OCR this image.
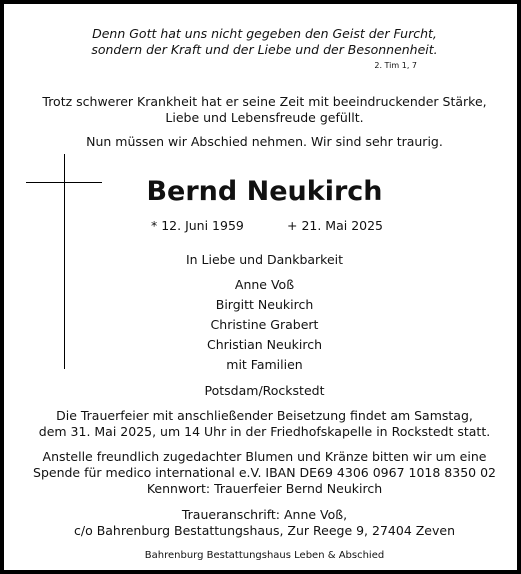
Denn Gott hat uns nicht gegeben den Geist der Furcht,
sondern der Kraft und der Liebe und der Besonnenheit.
2. Tim 1, 7
Trotz schwerer Krankheit hat er seine Zeit mit beeindruckender Stärke,
Liebe und Lebensfreude gefüllt.
Nun müssen wir Abschied nehmen. Wir sind sehr traurig.
Bernd Neukirch
* 12. Juni 1959	+ 21. Mai 2025
In Liebe und Dankbarkeit
Anne Voß
Birgitt Neukirch
Christine Grabert
Christian Neukirch
mit Familien
Potsdam/Rockstedt
Die Trauerfeier mit anschließender Beisetzung findet am Samstag,
dem 31. Mai 2025, um 14 Uhr in der Friedhofskapelle in Rockstedt statt.
Anstelle freundlich zugedachter Blumen und Kränze bitten wir um eine
Spende für medico international e.V. IBAN DE69 4306 0967 1018 8350 02
Kennwort: Trauerfeier Bernd Neukirch
Traueranschrift: Anne Voß,
c/o Bahrenburg Bestattungshaus, Zur Reege 9, 27404 Zeven
Bahrenburg Bestattungshaus Leben & Abschied
